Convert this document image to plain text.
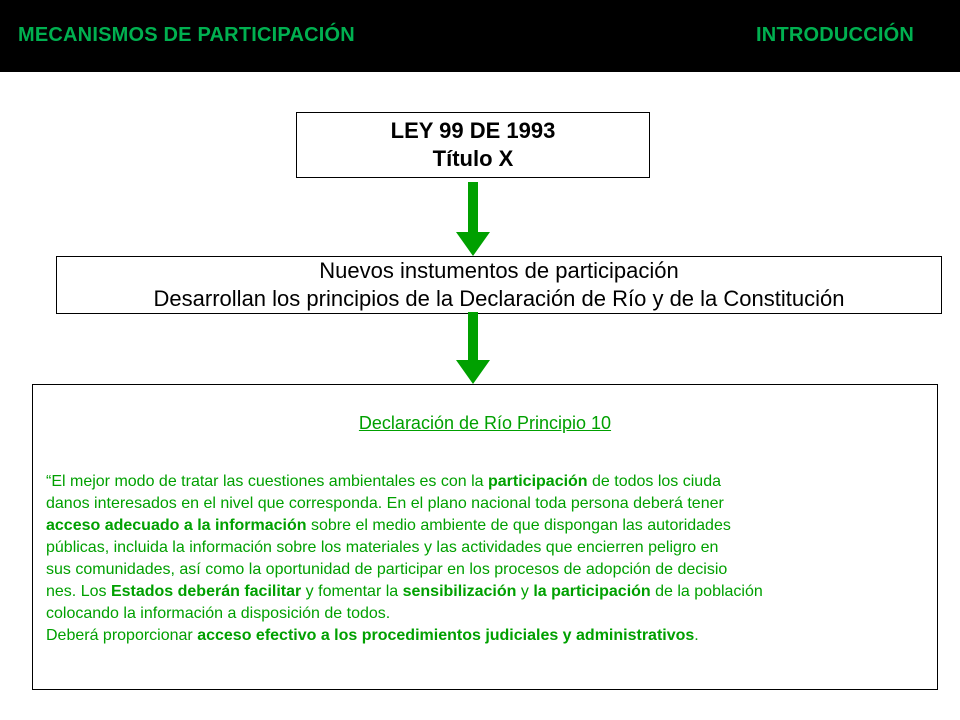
MECANISMOS DE PARTICIPACIÓN	INTRODUCCIÓN
LEY 99 DE 1993
Título X
Nuevos instumentos de participación
Desarrollan los principios de la Declaración de Río y de la Constitución
Declaración de Río Principio 10
“El mejor modo de tratar las cuestiones ambientales es con la participación de todos los ciuda
danos interesados en el nivel que corresponda. En el plano nacional toda persona deberá tener
acceso adecuado a la información sobre el medio ambiente de que dispongan las autoridades
públicas, incluida la información sobre los materiales y las actividades que encierren peligro en
sus comunidades, así como la oportunidad de participar en los procesos de adopción de decisio
nes. Los Estados deberán facilitar y fomentar la sensibilización y la participación de la población
colocando la información a disposición de todos.
Deberá proporcionar acceso efectivo a los procedimientos judiciales y administrativos.
